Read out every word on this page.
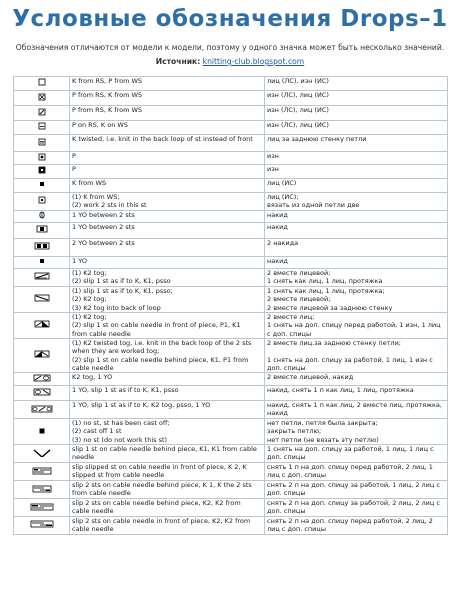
Условные обозначения Drops–1
Обозначения отличаются от модели к модели, поэтому у одного значка может быть несколько значений.
Источник: knitting-club.blogspot.com
	K from RS, P from WS	лиц (ЛС), изн (ИС)
	P from RS, K from WS	изн (ЛС), лиц (ИС)
	P from RS, K from WS	изн (ЛС), лиц (ИС)
	P on RS, K on WS	изн (ЛС), лиц (ИС)
	K twisted, i.e. knit in the back loop of st instead of front	лиц за заднюю стенку петли
	P	изн
	P	изн
	K from WS	лиц (ИС)
	(1) K from WS;
(2) work 2 sts in this st	лиц (ИС);
вязать из одной петли две
	1 YO between 2 sts	накид
	1 YO between 2 sts	накид
	2 YO between 2 sts	2 накида
	1 YO	накид
	(1) K2 tog;
(2) slip 1 st as if to K, K1, psso	2 вместе лицевой;
1 снять как лиц, 1 лиц, протяжка
	(1) slip 1 st as if to K, K1, psso;
(2) K2 tog;
(3) K2 tog into back of loop	1 снять как лиц, 1 лиц, протяжка;
2 вместе лицевой;
2 вместе лицевой за заднюю стенку
	(1) K2 tog;
(2) slip 1 st on cable needle in front of piece, P1, K1
from cable needle	2 вместе лиц;
1 снять на доп. спицу перед работой, 1 изн, 1 лиц
с доп. спицы
	(1) K2 twisted tog, i.e. knit in the back loop of the 2 sts
when they are worked tog;
(2) slip 1 st on cable needle behind piece, K1, P1 from
cable needle	2 вместе лиц.за заднюю стенку петли;

1 снять на доп. спицу за работой, 1 лиц, 1 изн с
доп. спицы
	K2 tog, 1 YO	2 вместе лицевой, накид
	1 YO, slip 1 st as if to K, K1, psso	накид, снять 1 п как лиц, 1 лиц, протяжка
	1 YO, slip 1 st as if to K, K2 tog, psso, 1 YO	накид, снять 1 п как лиц, 2 вместе лиц, протяжка,
накид
	(1) no st, st has been cast off;
(2) cast off 1 st
(3) no st (do not work this st)	нет петли, петля была закрыта;
закрыть петлю;
нет петли (не вязать эту петлю)
	slip 1 st on cable needle behind piece, K1, K1 from cable
needle	1 снять на доп. спицу за работой, 1 лиц, 1 лиц с
доп. спицы
	slip slipped st on cable needle in front of piece, K 2, K
slipped st from cable needle	снять 1 п на доп. спицу перед работой, 2 лиц, 1
лиц с доп. спицы
	slip 2 sts on cable needle behind piece, K 1, K the 2 sts
from cable needle	снять 2 п на доп. спицу за работой, 1 лиц, 2 лиц с
доп. спицы
	slip 2 sts on cable needle behind piece, K2, K2 from
cable needle	снять 2 п на доп. спицу за работой, 2 лиц, 2 лиц с
доп. спицы
	slip 2 sts on cable needle in front of piece, K2, K2 from
cable needle	снять 2 п на доп. спицу перед работой, 2 лиц, 2
лиц с доп. спицы
